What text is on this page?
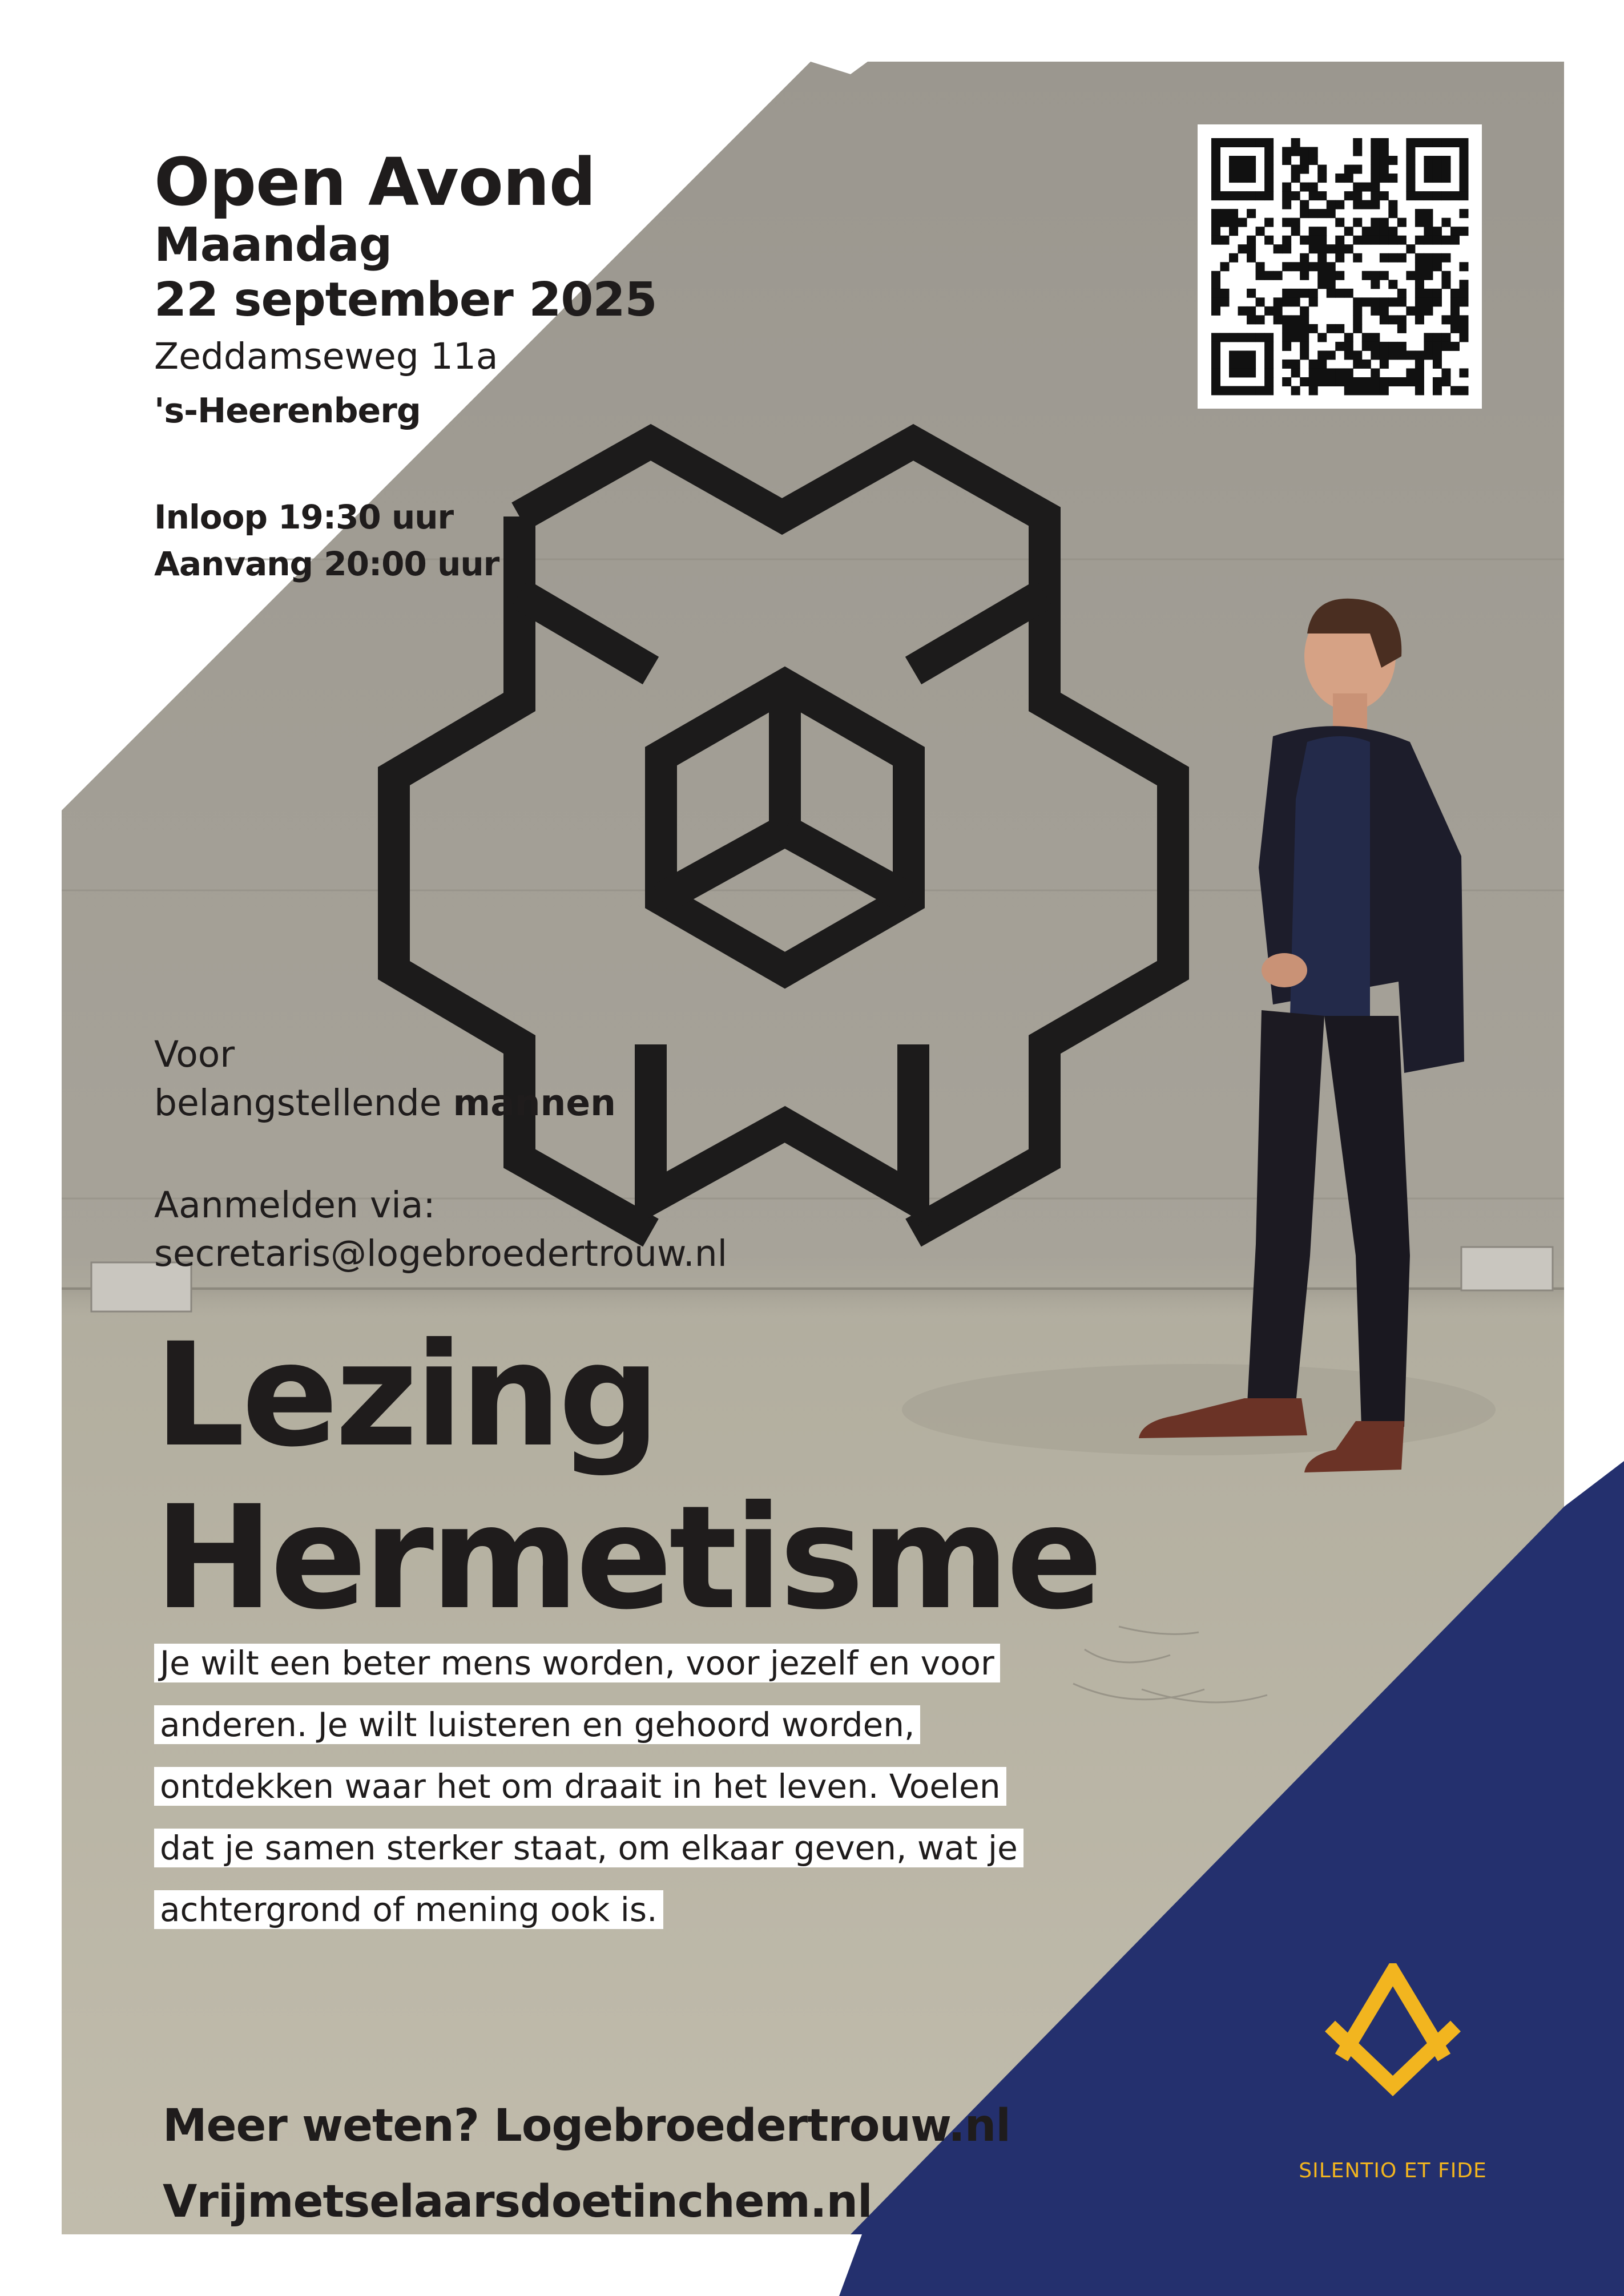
Open Avond
Maandag
22 september 2025
Zeddamseweg 11a
's-Heerenberg
Inloop 19:30 uur
Aanvang 20:00 uur
Voor
belangstellende mannen
Aanmelden via:
secretaris@logebroedertrouw.nl
Lezing
Hermetisme
Je wilt een beter mens worden, voor jezelf en voor
anderen. Je wilt luisteren en gehoord worden,
ontdekken waar het om draait in het leven. Voelen
dat je samen sterker staat, om elkaar geven, wat je
achtergrond of mening ook is.
Meer weten? Logebroedertrouw.nl
Vrijmetselaarsdoetinchem.nl
SILENTIO ET FIDE
